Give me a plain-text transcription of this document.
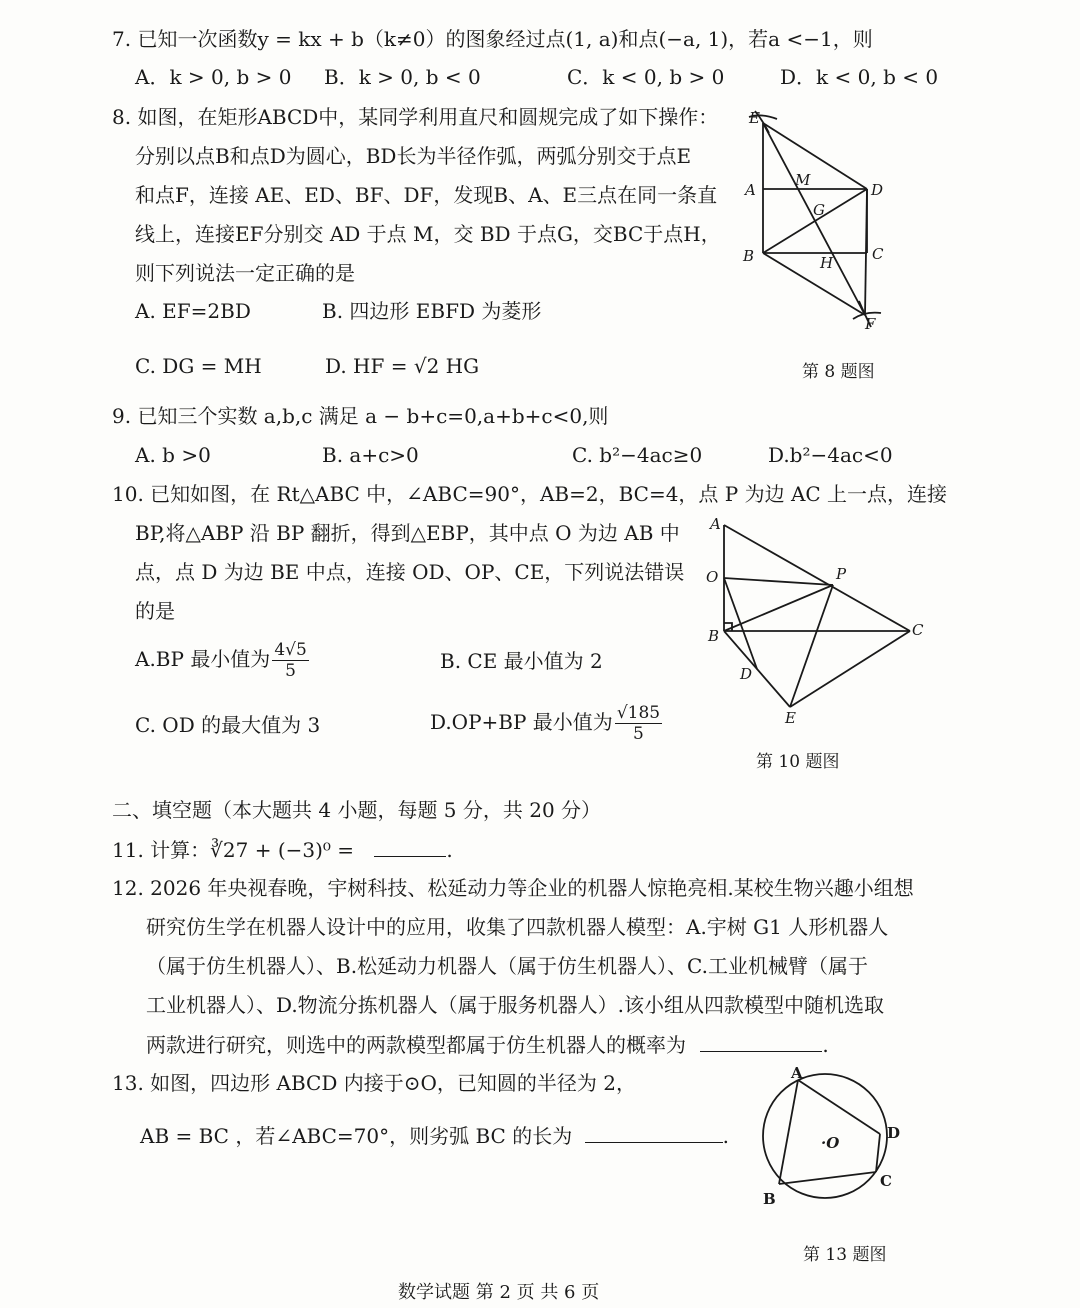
7. 已知一次函数y = kx + b（k≠0）的图象经过点(1, a)和点(−a, 1)，若a <−1，则
A．k > 0, b > 0 B．k > 0, b < 0	C．k < 0, b > 0	D．k < 0, b < 0
8. 如图，在矩形ABCD中，某同学利用直尺和圆规完成了如下操作：
分别以点B和点D为圆心，BD长为半径作弧，两弧分别交于点E
和点F，连接 AE、ED、BF、DF，发现B、A、E三点在同一条直
线上，连接EF分别交 AD 于点 M，交 BD 于点G，交BC于点H，
则下列说法一定正确的是
A. EF=2BD	B. 四边形 EBFD 为菱形
C. DG = MH	D. HF = √2 HG
E
A
M
D
G
B	C
H
F
第 8 题图
9. 已知三个实数 a,b,c 满足 a − b+c=0,a+b+c<0,则
A. b >0	B. a+c>0	C. b²−4ac≥0	D.b²−4ac<0
10. 已知如图，在 Rt△ABC 中，∠ABC=90°，AB=2，BC=4，点 P 为边 AC 上一点，连接
BP,将△ABP 沿 BP 翻折，得到△EBP，其中点 O 为边 AB 中
点，点 D 为边 BE 中点，连接 OD、OP、CE，下列说法错误
的是
A.BP 最小值为 $\frac{4√5}{5}$	B. CE 最小值为 2
C. OD 的最大值为 3	D.OP+BP 最小值为 $\frac{√185}{5}$
A
O	P
B	C
D
E
第 10 题图
二、填空题（本大题共 4 小题，每题 5 分，共 20 分）
11. 计算：∛27 + (−3)⁰ =	.
12. 2026 年央视春晚，宇树科技、松延动力等企业的机器人惊艳亮相.某校生物兴趣小组想
研究仿生学在机器人设计中的应用，收集了四款机器人模型：A.宇树 G1 人形机器人
（属于仿生机器人）、B.松延动力机器人（属于仿生机器人）、C.工业机械臂（属于
工业机器人）、D.物流分拣机器人（属于服务机器人）.该小组从四款模型中随机选取
两款进行研究，则选中的两款模型都属于仿生机器人的概率为	.
13. 如图，四边形 ABCD 内接于⊙O，已知圆的半径为 2，
AB = BC ，若∠ABC=70°，则劣弧 BC 的长为	.
A
D
·O
C
B
第 13 题图
数学试题 第 2 页 共 6 页
